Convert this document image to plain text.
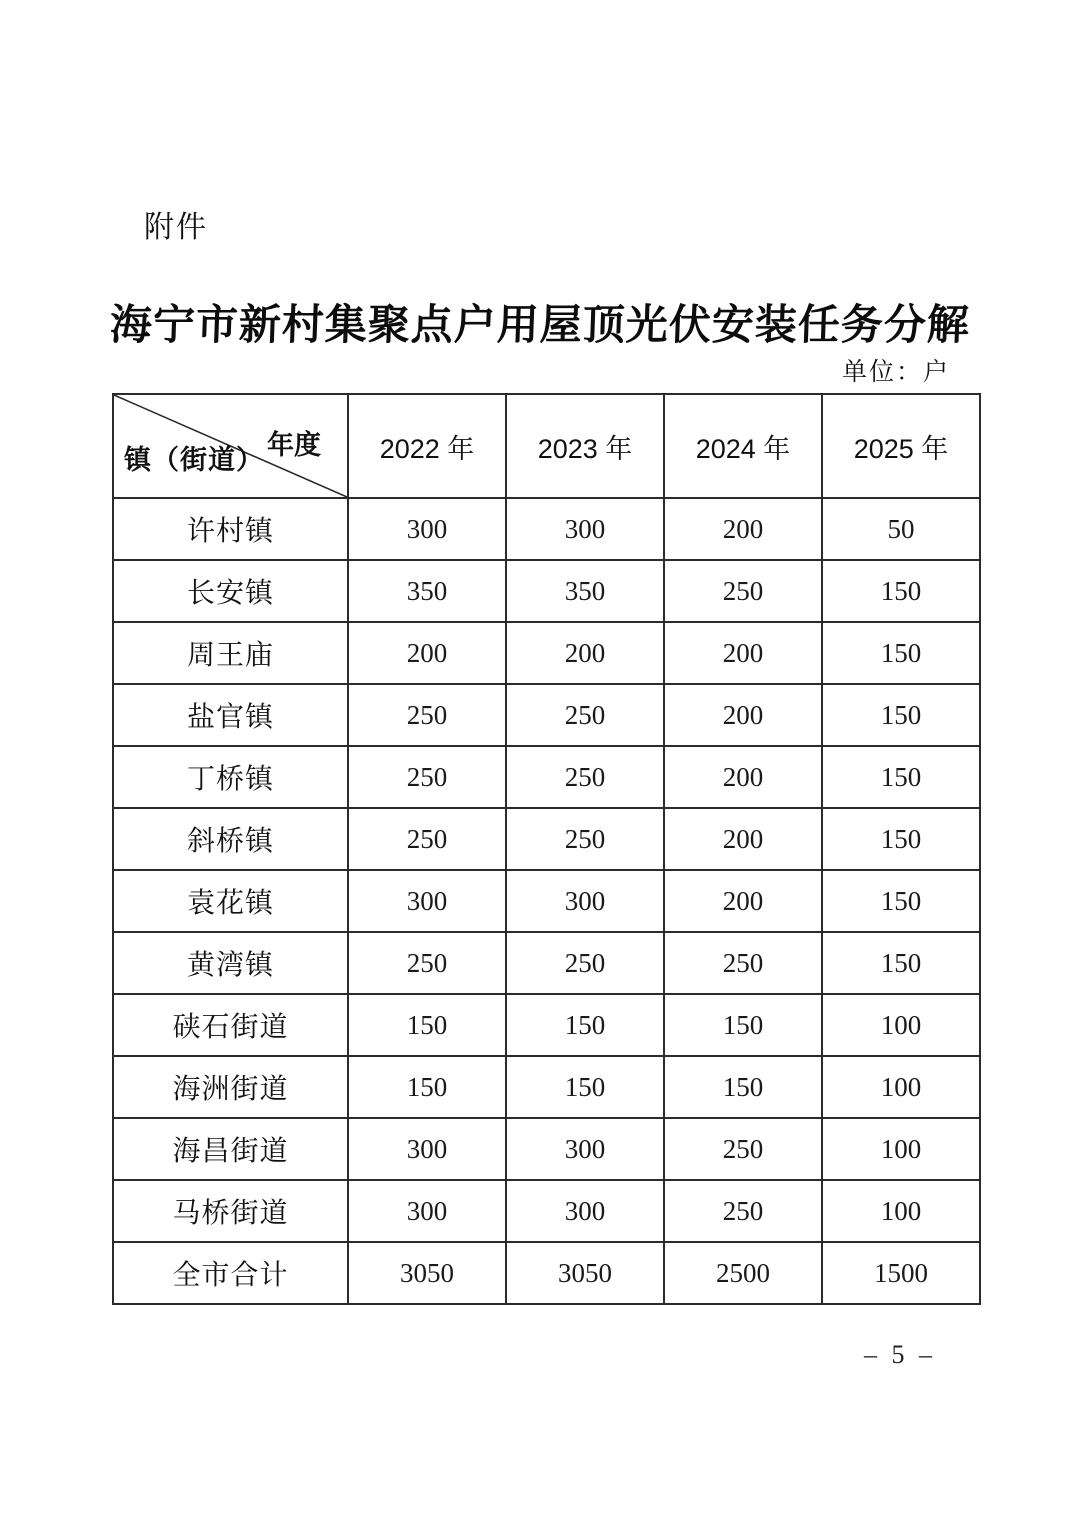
附件
海宁市新村集聚点户用屋顶光伏安装任务分解
单位：户
年度
镇（街道）	2022 年	2023 年	2024 年	2025 年
许村镇	300	300	200	50
长安镇	350	350	250	150
周王庙	200	200	200	150
盐官镇	250	250	200	150
丁桥镇	250	250	200	150
斜桥镇	250	250	200	150
袁花镇	300	300	200	150
黄湾镇	250	250	250	150
硖石街道	150	150	150	100
海洲街道	150	150	150	100
海昌街道	300	300	250	100
马桥街道	300	300	250	100
全市合计	3050	3050	2500	1500
– 5 –
